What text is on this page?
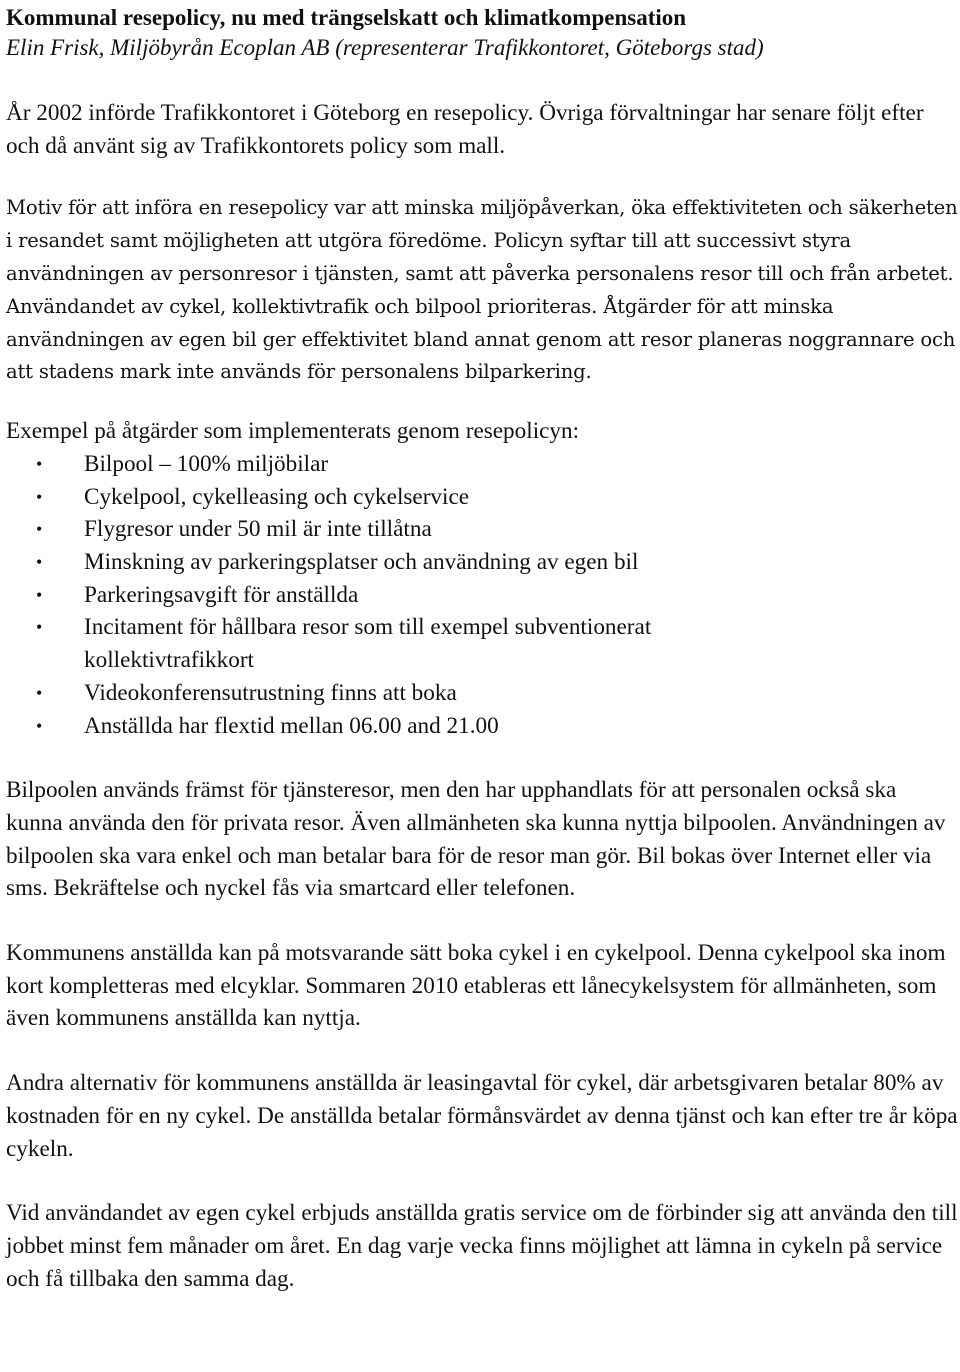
Kommunal resepolicy, nu med trängselskatt och klimatkompensation

Elin Frisk, Miljöbyrån Ecoplan AB (representerar Trafikkontoret, Göteborgs stad)

År 2002 införde Trafikkontoret i Göteborg en resepolicy. Övriga förvaltningar har senare följt efter och då använt sig av Trafikkontorets policy som mall.

Motiv för att införa en resepolicy var att minska miljöpåverkan, öka effektiviteten och säkerheten i resandet samt möjligheten att utgöra föredöme. Policyn syftar till att successivt styra användningen av personresor i tjänsten, samt att påverka personalens resor till och från arbetet. Användandet av cykel, kollektivtrafik och bilpool prioriteras. Åtgärder för att minska användningen av egen bil ger effektivitet bland annat genom att resor planeras noggrannare och att stadens mark inte används för personalens bilparkering.

Exempel på åtgärder som implementerats genom resepolicyn:

• Bilpool – 100% miljöbilar
• Cykelpool, cykelleasing och cykelservice
• Flygresor under 50 mil är inte tillåtna
• Minskning av parkeringsplatser och användning av egen bil
• Parkeringsavgift för anställda
• Incitament för hållbara resor som till exempel subventionerat kollektivtrafikkort
• Videokonferensutrustning finns att boka
• Anställda har flextid mellan 06.00 and 21.00

Bilpoolen används främst för tjänsteresor, men den har upphandlats för att personalen också ska kunna använda den för privata resor. Även allmänheten ska kunna nyttja bilpoolen. Användningen av bilpoolen ska vara enkel och man betalar bara för de resor man gör. Bil bokas över Internet eller via sms. Bekräftelse och nyckel fås via smartcard eller telefonen.

Kommunens anställda kan på motsvarande sätt boka cykel i en cykelpool. Denna cykelpool ska inom kort kompletteras med elcyklar. Sommaren 2010 etableras ett lånecykelsystem för allmänheten, som även kommunens anställda kan nyttja.

Andra alternativ för kommunens anställda är leasingavtal för cykel, där arbetsgivaren betalar 80% av kostnaden för en ny cykel. De anställda betalar förmånsvärdet av denna tjänst och kan efter tre år köpa cykeln.

Vid användandet av egen cykel erbjuds anställda gratis service om de förbinder sig att använda den till jobbet minst fem månader om året. En dag varje vecka finns möjlighet att lämna in cykeln på service och få tillbaka den samma dag.
